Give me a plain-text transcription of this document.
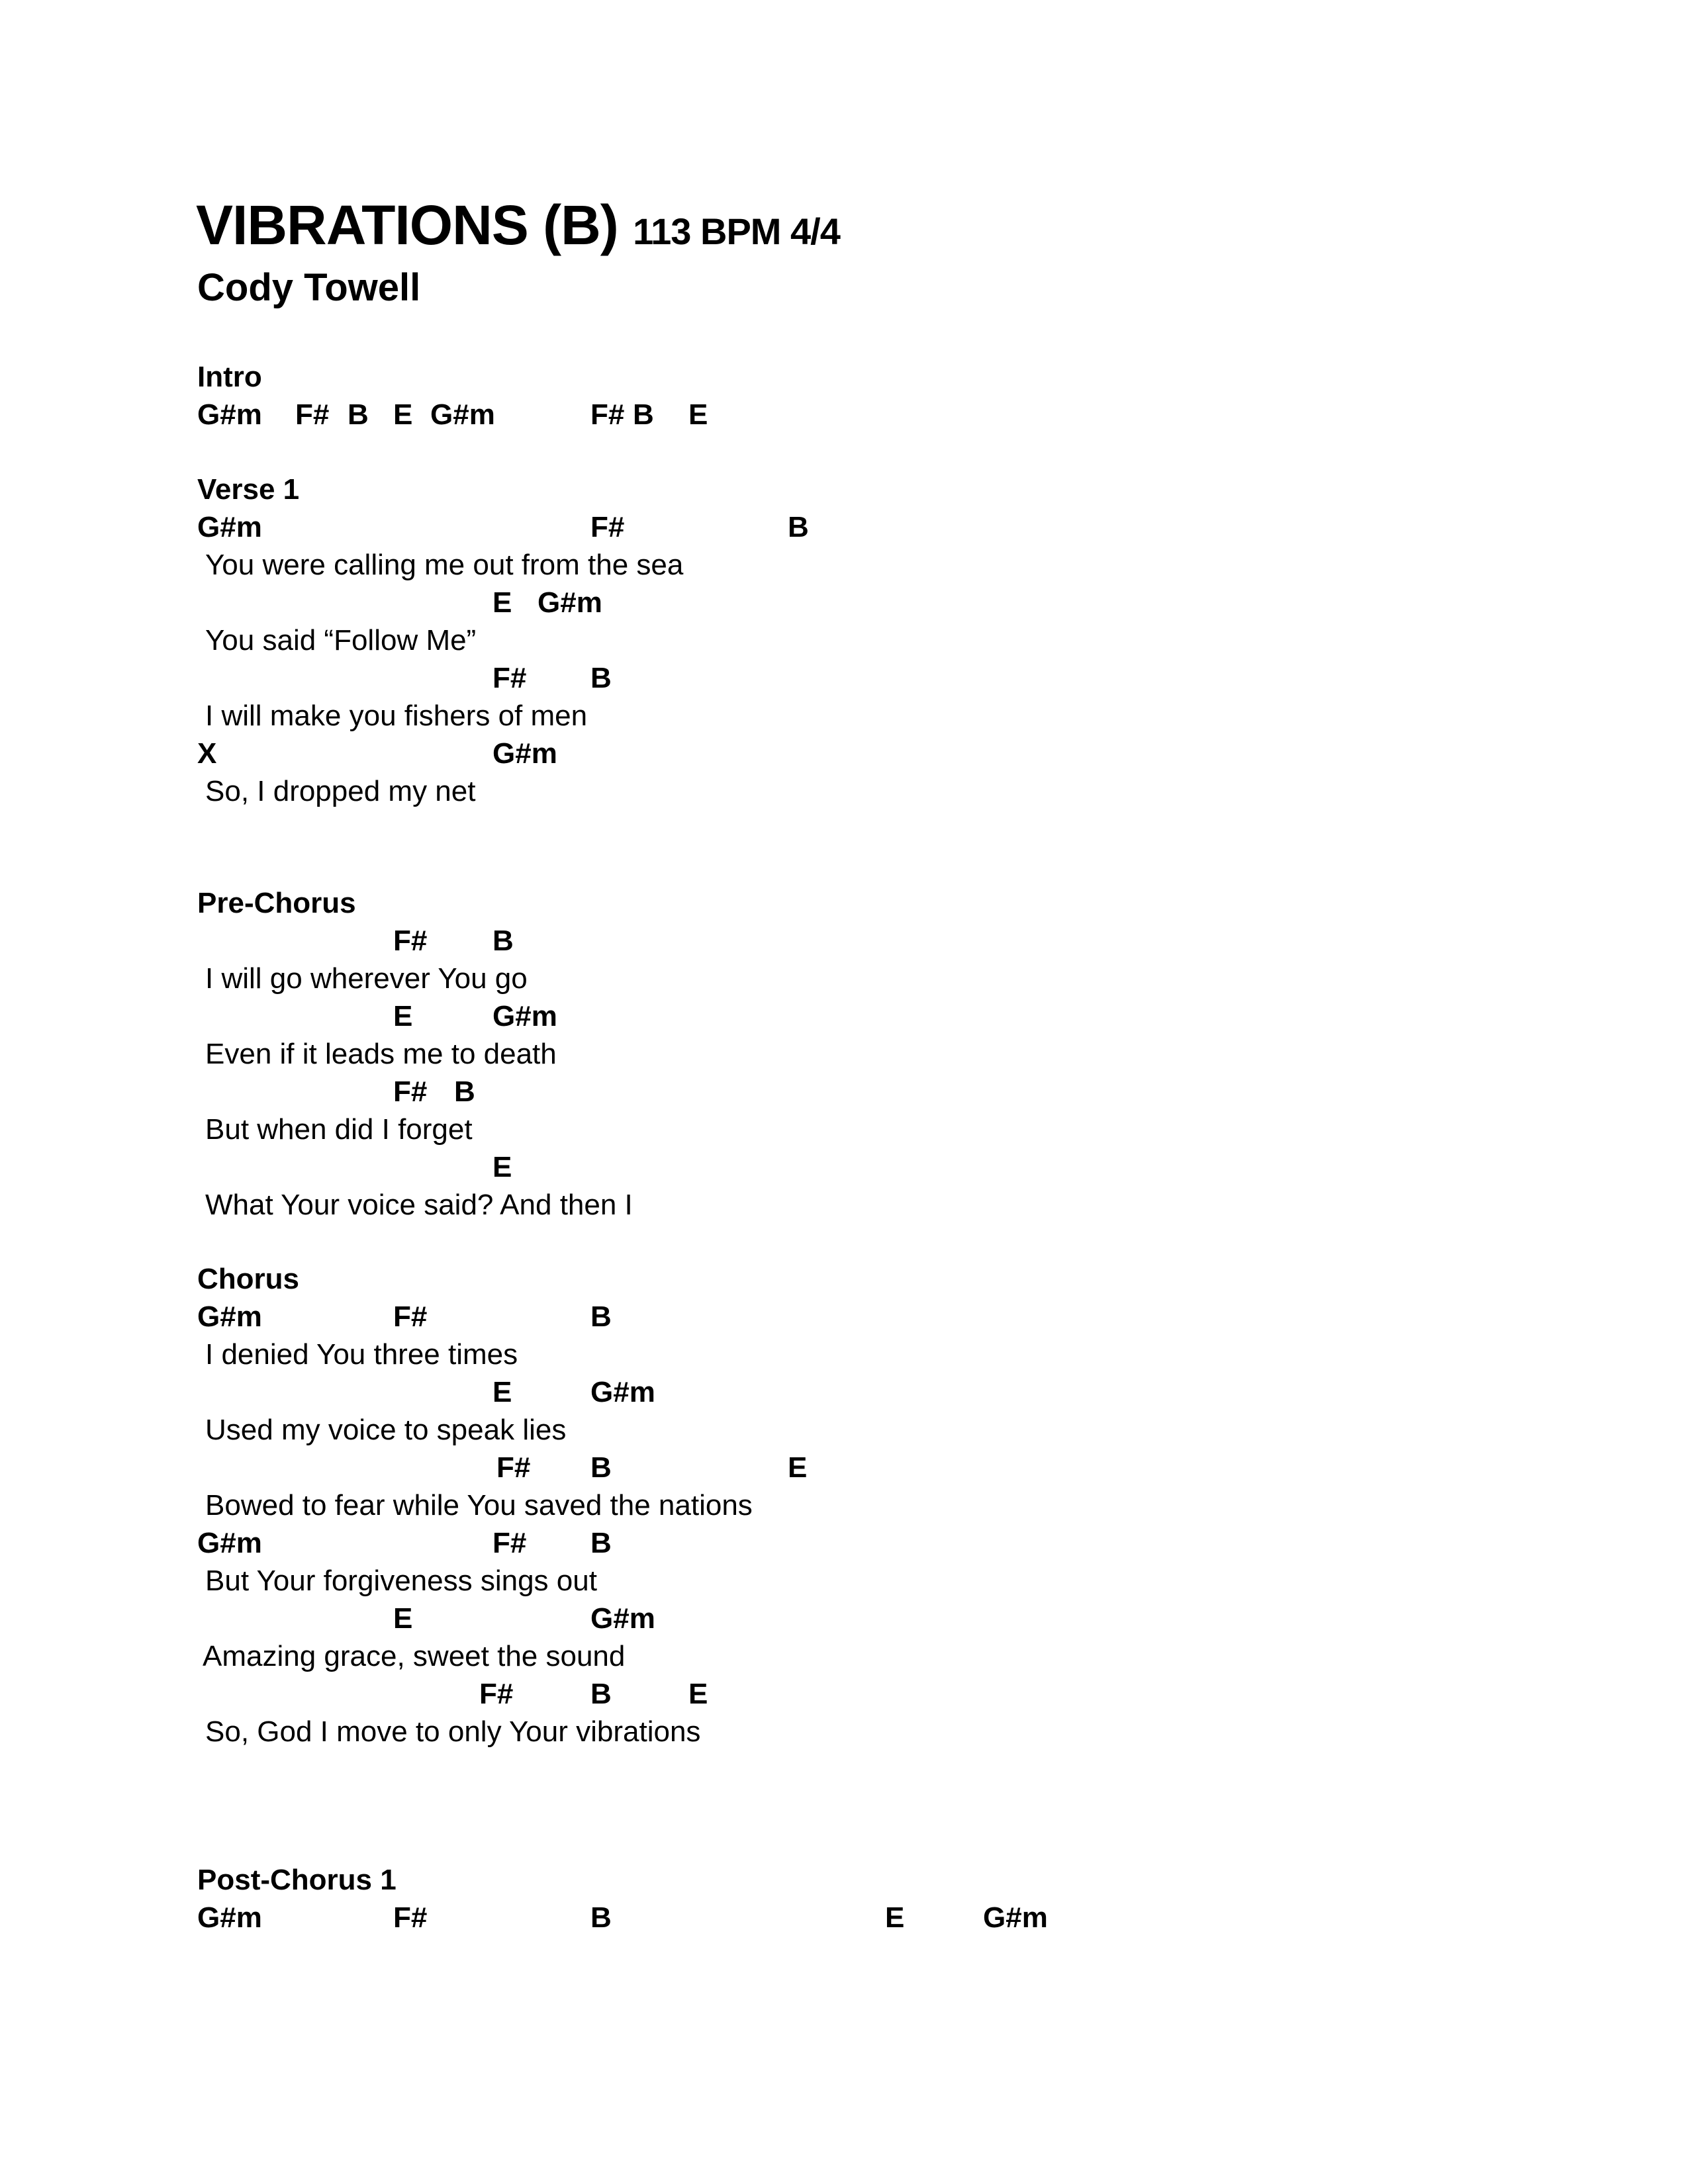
VIBRATIONS (B) 113 BPM 4/4
Cody Towell
Intro
G#m F# B E G#m	F# B E
Verse 1
G#m	F#	B
You were calling me out from the sea
E G#m
You said “Follow Me”
F# B
I will make you fishers of men
X	G#m
So, I dropped my net
Pre-Chorus
F# B
I will go wherever You go
E	G#m
Even if it leads me to death
F# B
But when did I forget
E
What Your voice said? And then I
Chorus
G#m	F#	B
I denied You three times
E	G#m
Used my voice to speak lies
F# B	E
Bowed to fear while You saved the nations
G#m	F# B
But Your forgiveness sings out
E	G#m
Amazing grace, sweet the sound
F#	B	E
So, God I move to only Your vibrations
Post-Chorus 1
G#m	F#	B	E	G#m
